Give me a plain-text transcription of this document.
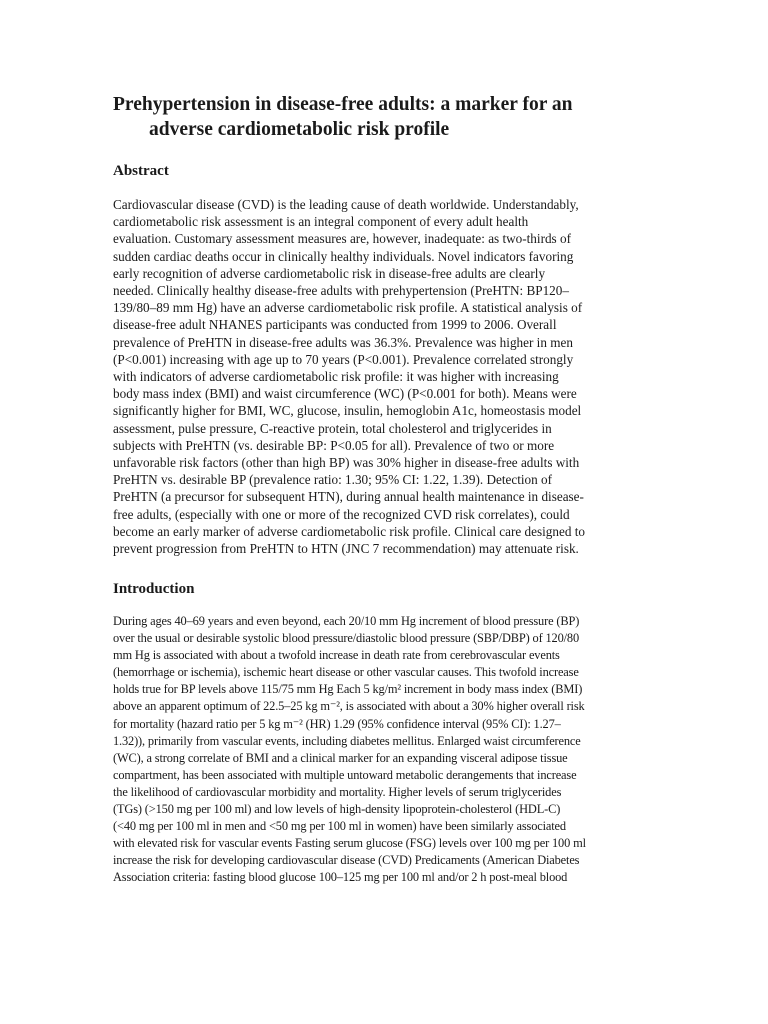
Prehypertension in disease-free adults: a marker for an
adverse cardiometabolic risk profile
Abstract
Cardiovascular disease (CVD) is the leading cause of death worldwide. Understandably,
cardiometabolic risk assessment is an integral component of every adult health
evaluation. Customary assessment measures are, however, inadequate: as two-thirds of
sudden cardiac deaths occur in clinically healthy individuals. Novel indicators favoring
early recognition of adverse cardiometabolic risk in disease-free adults are clearly
needed. Clinically healthy disease-free adults with prehypertension (PreHTN: BP120–
139/80–89 mm Hg) have an adverse cardiometabolic risk profile. A statistical analysis of
disease-free adult NHANES participants was conducted from 1999 to 2006. Overall
prevalence of PreHTN in disease-free adults was 36.3%. Prevalence was higher in men
(P<0.001) increasing with age up to 70 years (P<0.001). Prevalence correlated strongly
with indicators of adverse cardiometabolic risk profile: it was higher with increasing
body mass index (BMI) and waist circumference (WC) (P<0.001 for both). Means were
significantly higher for BMI, WC, glucose, insulin, hemoglobin A1c, homeostasis model
assessment, pulse pressure, C-reactive protein, total cholesterol and triglycerides in
subjects with PreHTN (vs. desirable BP: P<0.05 for all). Prevalence of two or more
unfavorable risk factors (other than high BP) was 30% higher in disease-free adults with
PreHTN vs. desirable BP (prevalence ratio: 1.30; 95% CI: 1.22, 1.39). Detection of
PreHTN (a precursor for subsequent HTN), during annual health maintenance in disease-
free adults, (especially with one or more of the recognized CVD risk correlates), could
become an early marker of adverse cardiometabolic risk profile. Clinical care designed to
prevent progression from PreHTN to HTN (JNC 7 recommendation) may attenuate risk.
Introduction
During ages 40–69 years and even beyond, each 20/10 mm Hg increment of blood pressure (BP)
over the usual or desirable systolic blood pressure/diastolic blood pressure (SBP/DBP) of 120/80
mm Hg is associated with about a twofold increase in death rate from cerebrovascular events
(hemorrhage or ischemia), ischemic heart disease or other vascular causes. This twofold increase
holds true for BP levels above 115/75 mm Hg Each 5 kg/m² increment in body mass index (BMI)
above an apparent optimum of 22.5–25 kg m⁻², is associated with about a 30% higher overall risk
for mortality (hazard ratio per 5 kg m⁻² (HR) 1.29 (95% confidence interval (95% CI): 1.27–
1.32)), primarily from vascular events, including diabetes mellitus. Enlarged waist circumference
(WC), a strong correlate of BMI and a clinical marker for an expanding visceral adipose tissue
compartment, has been associated with multiple untoward metabolic derangements that increase
the likelihood of cardiovascular morbidity and mortality. Higher levels of serum triglycerides
(TGs) (>150 mg per 100 ml) and low levels of high-density lipoprotein-cholesterol (HDL-C)
(<40 mg per 100 ml in men and <50 mg per 100 ml in women) have been similarly associated
with elevated risk for vascular events Fasting serum glucose (FSG) levels over 100 mg per 100 ml
increase the risk for developing cardiovascular disease (CVD) Predicaments (American Diabetes
Association criteria: fasting blood glucose 100–125 mg per 100 ml and/or 2 h post-meal blood
